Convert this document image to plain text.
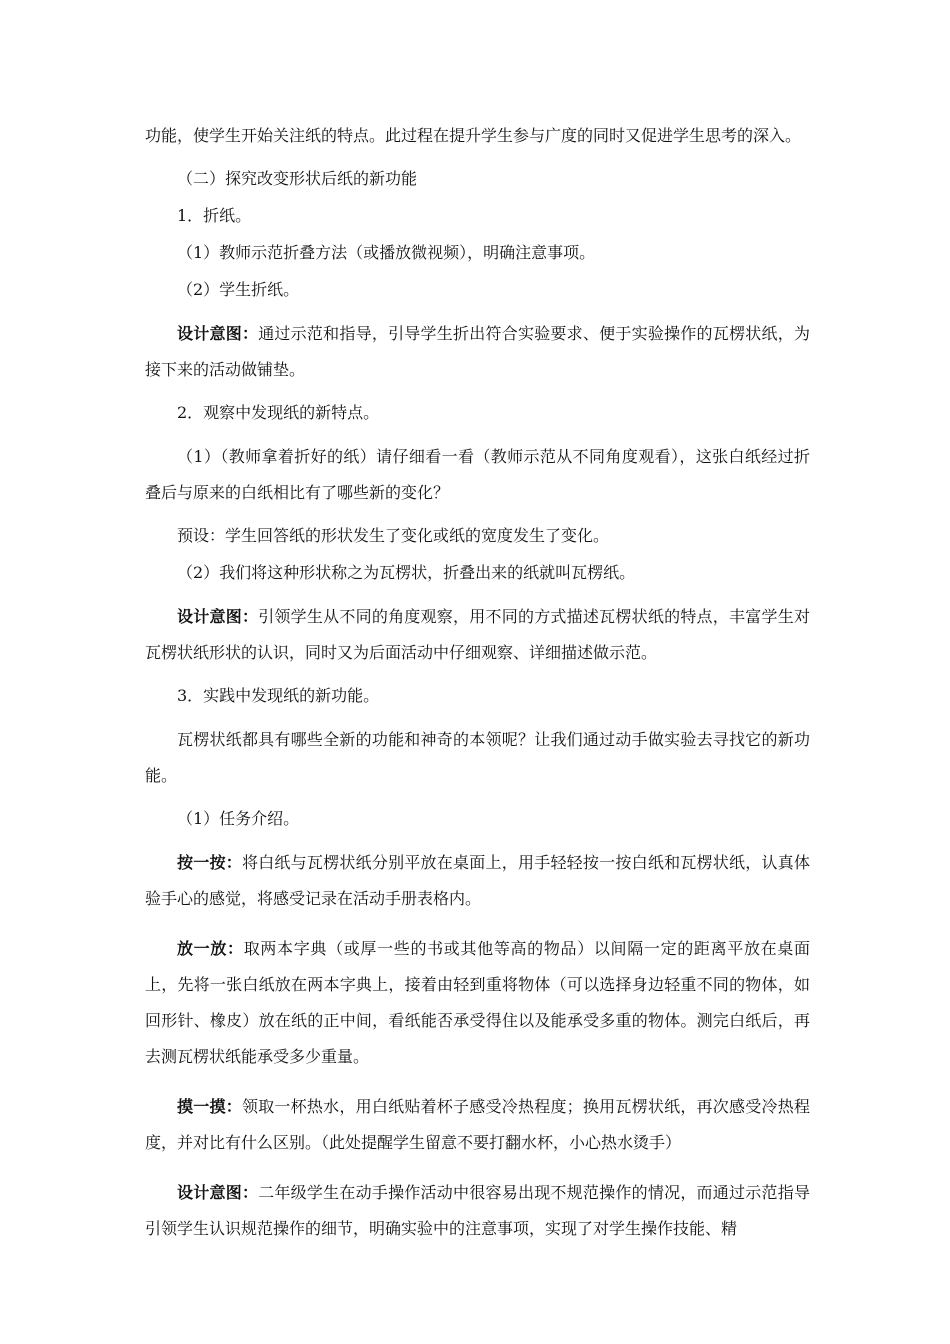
功能，使学生开始关注纸的特点。此过程在提升学生参与广度的同时又促进学生思考的深入。

（二）探究改变形状后纸的新功能

1．折纸。

（1）教师示范折叠方法（或播放微视频），明确注意事项。

（2）学生折纸。

设计意图：通过示范和指导，引导学生折出符合实验要求、便于实验操作的瓦楞状纸，为接下来的活动做铺垫。

2．观察中发现纸的新特点。

（1）（教师拿着折好的纸）请仔细看一看（教师示范从不同角度观看），这张白纸经过折叠后与原来的白纸相比有了哪些新的变化？

预设：学生回答纸的形状发生了变化或纸的宽度发生了变化。

（2）我们将这种形状称之为瓦楞状，折叠出来的纸就叫瓦楞纸。

设计意图：引领学生从不同的角度观察，用不同的方式描述瓦楞状纸的特点，丰富学生对瓦楞状纸形状的认识，同时又为后面活动中仔细观察、详细描述做示范。

3．实践中发现纸的新功能。

瓦楞状纸都具有哪些全新的功能和神奇的本领呢？让我们通过动手做实验去寻找它的新功能。

（1）任务介绍。

按一按：将白纸与瓦楞状纸分别平放在桌面上，用手轻轻按一按白纸和瓦楞状纸，认真体验手心的感觉，将感受记录在活动手册表格内。

放一放：取两本字典（或厚一些的书或其他等高的物品）以间隔一定的距离平放在桌面上，先将一张白纸放在两本字典上，接着由轻到重将物体（可以选择身边轻重不同的物体，如回形针、橡皮）放在纸的正中间，看纸能否承受得住以及能承受多重的物体。测完白纸后，再去测瓦楞状纸能承受多少重量。

摸一摸：领取一杯热水，用白纸贴着杯子感受冷热程度；换用瓦楞状纸，再次感受冷热程度，并对比有什么区别。（此处提醒学生留意不要打翻水杯，小心热水烫手）

设计意图：二年级学生在动手操作活动中很容易出现不规范操作的情况，而通过示范指导引领学生认识规范操作的细节，明确实验中的注意事项，实现了对学生操作技能、精
